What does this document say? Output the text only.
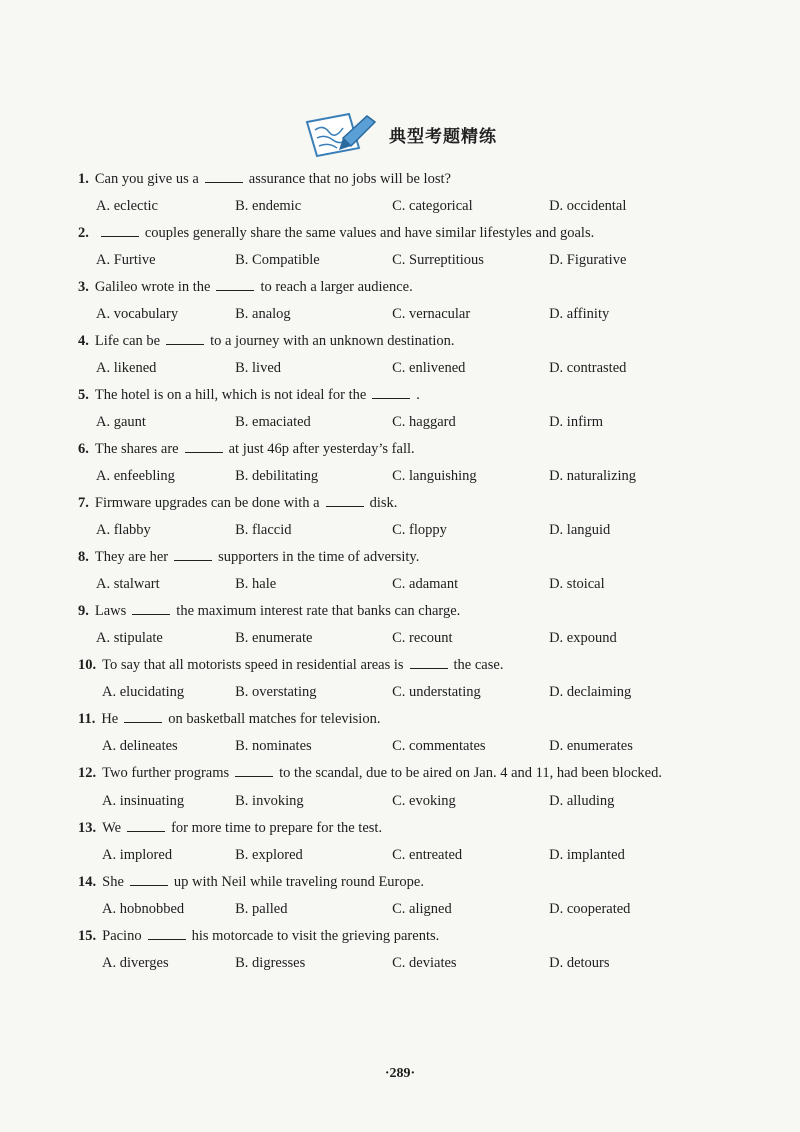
典型考题精练
1. Can you give us a	assurance that no jobs will be lost?
A. eclectic	B. endemic	C. categorical	D. occidental
2.	couples generally share the same values and have similar lifestyles and goals.
A. Furtive	B. Compatible	C. Surreptitious	D. Figurative
3. Galileo wrote in the	to reach a larger audience.
A. vocabulary	B. analog	C. vernacular	D. affinity
4. Life can be	to a journey with an unknown destination.
A. likened	B. lived	C. enlivened	D. contrasted
5. The hotel is on a hill, which is not ideal for the	.
A. gaunt	B. emaciated	C. haggard	D. infirm
6. The shares are	at just 46p after yesterday’s fall.
A. enfeebling	B. debilitating	C. languishing	D. naturalizing
7. Firmware upgrades can be done with a	disk.
A. flabby	B. flaccid	C. floppy	D. languid
8. They are her	supporters in the time of adversity.
A. stalwart	B. hale	C. adamant	D. stoical
9. Laws	the maximum interest rate that banks can charge.
A. stipulate	B. enumerate	C. recount	D. expound
10. To say that all motorists speed in residential areas is	the case.
A. elucidating	B. overstating	C. understating	D. declaiming
11. He	on basketball matches for television.
A. delineates	B. nominates	C. commentates	D. enumerates
12. Two further programs	to the scandal, due to be aired on Jan. 4 and 11, had been blocked.
A. insinuating	B. invoking	C. evoking	D. alluding
13. We	for more time to prepare for the test.
A. implored	B. explored	C. entreated	D. implanted
14. She	up with Neil while traveling round Europe.
A. hobnobbed	B. palled	C. aligned	D. cooperated
15. Pacino	his motorcade to visit the grieving parents.
A. diverges	B. digresses	C. deviates	D. detours
·289·
